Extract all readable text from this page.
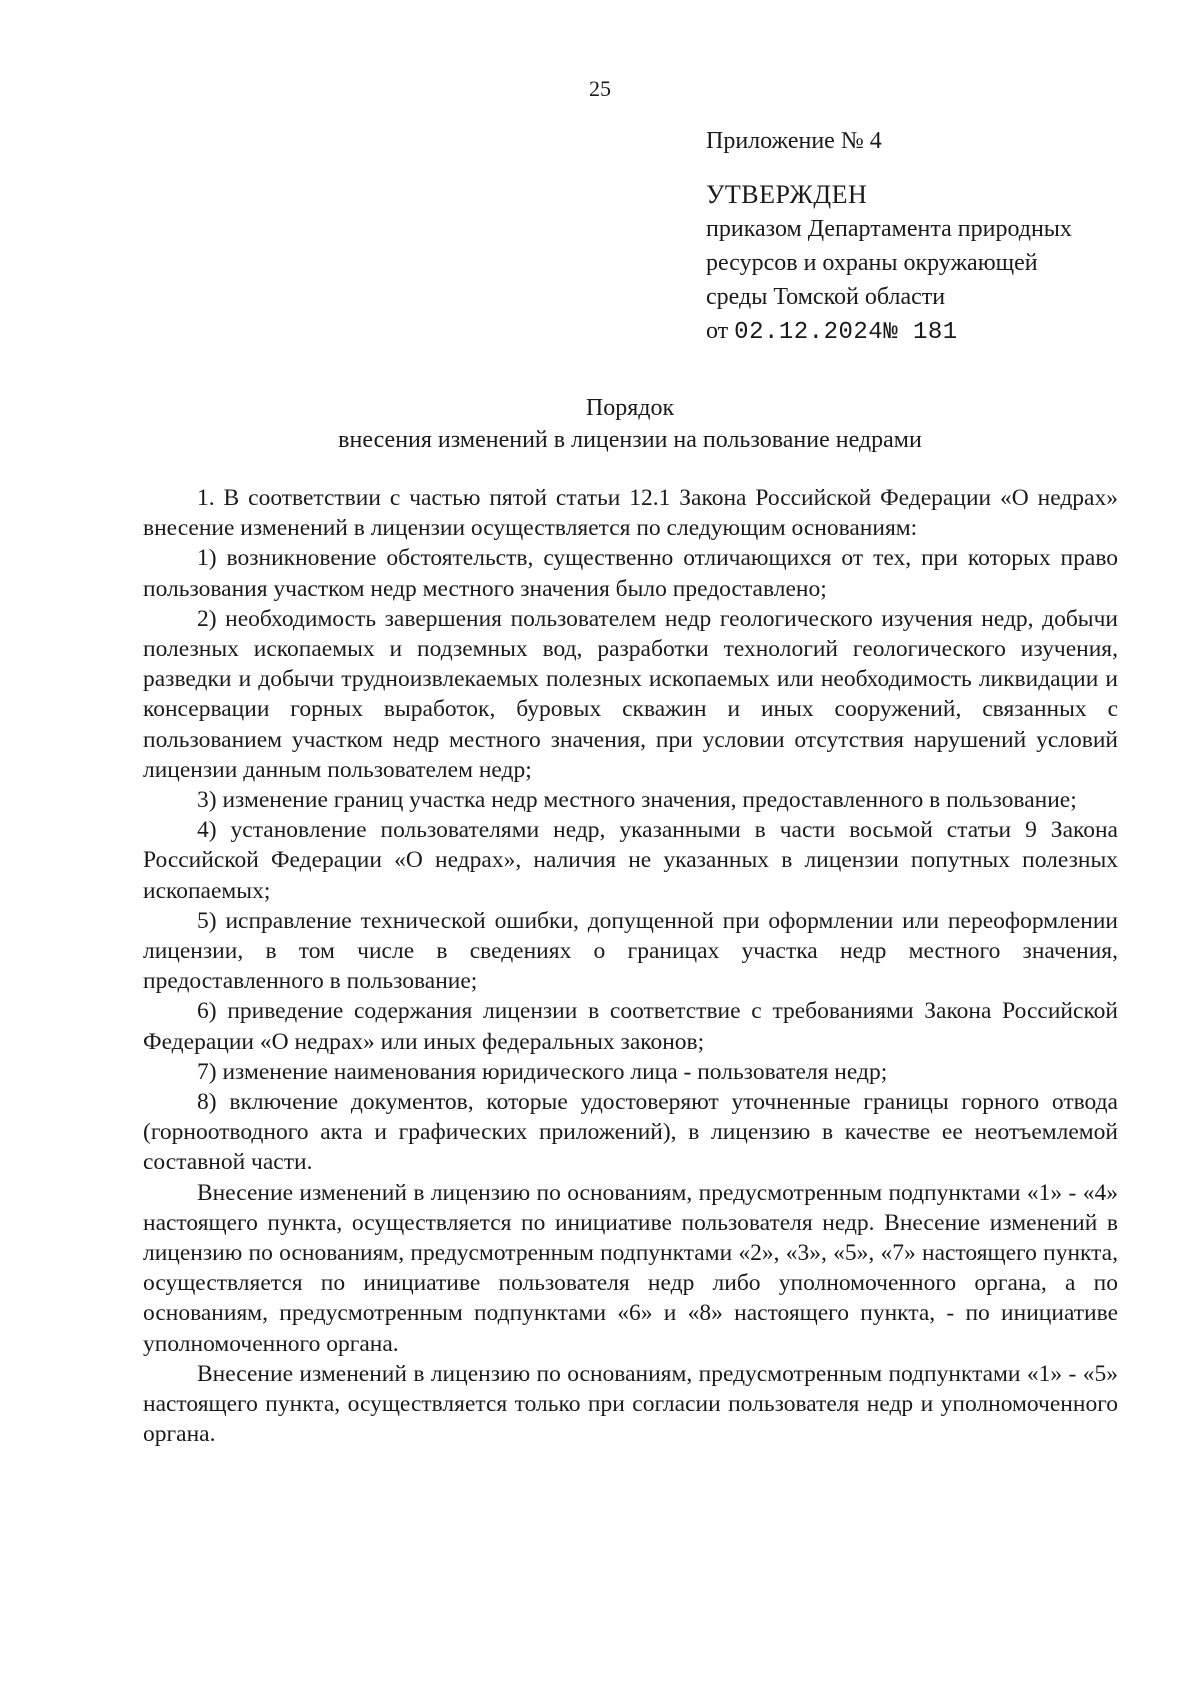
25
Приложение № 4
УТВЕРЖДЕН
приказом Департамента природных
ресурсов и охраны окружающей
среды Томской области
от 02.12.2024№ 181
Порядок
внесения изменений в лицензии на пользование недрами

1. В соответствии с частью пятой статьи 12.1 Закона Российской Федерации «О недрах» внесение изменений в лицензии осуществляется по следующим основаниям:

1) возникновение обстоятельств, существенно отличающихся от тех, при которых право пользования участком недр местного значения было предоставлено;

2) необходимость завершения пользователем недр геологического изучения недр, добычи полезных ископаемых и подземных вод, разработки технологий геологического изучения, разведки и добычи трудноизвлекаемых полезных ископаемых или необходимость ликвидации и консервации горных выработок, буровых скважин и иных сооружений, связанных с пользованием участком недр местного значения, при условии отсутствия нарушений условий лицензии данным пользователем недр;

3) изменение границ участка недр местного значения, предоставленного в пользование;

4) установление пользователями недр, указанными в части восьмой статьи 9 Закона Российской Федерации «О недрах», наличия не указанных в лицензии попутных полезных ископаемых;

5) исправление технической ошибки, допущенной при оформлении или переоформлении лицензии, в том числе в сведениях о границах участка недр местного значения, предоставленного в пользование;

6) приведение содержания лицензии в соответствие с требованиями Закона Российской Федерации «О недрах» или иных федеральных законов;

7) изменение наименования юридического лица - пользователя недр;

8) включение документов, которые удостоверяют уточненные границы горного отвода (горноотводного акта и графических приложений), в лицензию в качестве ее неотъемлемой составной части.

Внесение изменений в лицензию по основаниям, предусмотренным подпунктами «1» - «4» настоящего пункта, осуществляется по инициативе пользователя недр. Внесение изменений в лицензию по основаниям, предусмотренным подпунктами «2», «3», «5», «7» настоящего пункта, осуществляется по инициативе пользователя недр либо уполномоченного органа, а по основаниям, предусмотренным подпунктами «6» и «8» настоящего пункта, - по инициативе уполномоченного органа.

Внесение изменений в лицензию по основаниям, предусмотренным подпунктами «1» - «5» настоящего пункта, осуществляется только при согласии пользователя недр и уполномоченного органа.
